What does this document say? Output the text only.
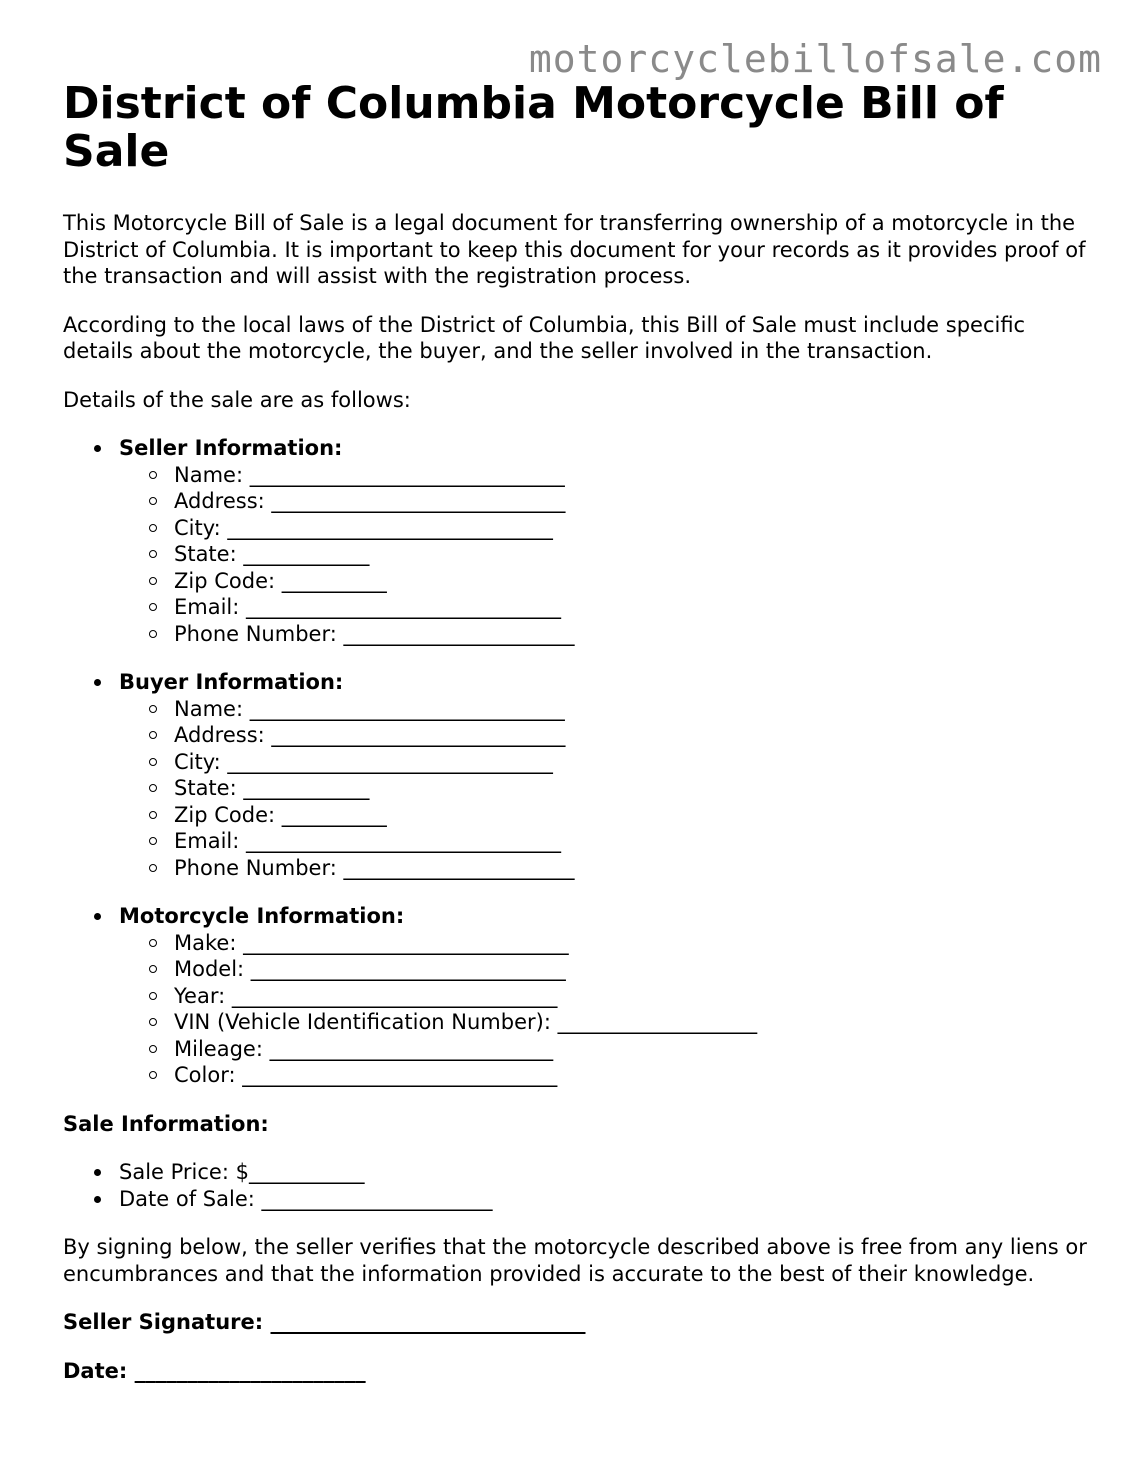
motorcyclebillofsale.com
District of Columbia Motorcycle Bill of Sale

This Motorcycle Bill of Sale is a legal document for transferring ownership of a motorcycle in the District of Columbia. It is important to keep this document for your records as it provides proof of the transaction and will assist with the registration process.

According to the local laws of the District of Columbia, this Bill of Sale must include specific details about the motorcycle, the buyer, and the seller involved in the transaction.

Details of the sale are as follows:

Seller Information:
Name: ______________________________
Address: ____________________________
City: _______________________________
State: ____________
Zip Code: __________
Email: ______________________________
Phone Number: ______________________
Buyer Information:
Name: ______________________________
Address: ____________________________
City: _______________________________
State: ____________
Zip Code: __________
Email: ______________________________
Phone Number: ______________________
Motorcycle Information:
Make: _______________________________
Model: ______________________________
Year: _______________________________
VIN (Vehicle Identification Number): ___________________
Mileage: ___________________________
Color: ______________________________
Sale Information:
Sale Price: $___________
Date of Sale: ______________________

By signing below, the seller verifies that the motorcycle described above is free from any liens or encumbrances and that the information provided is accurate to the best of their knowledge.

Seller Signature: ______________________________
Date: ______________________
